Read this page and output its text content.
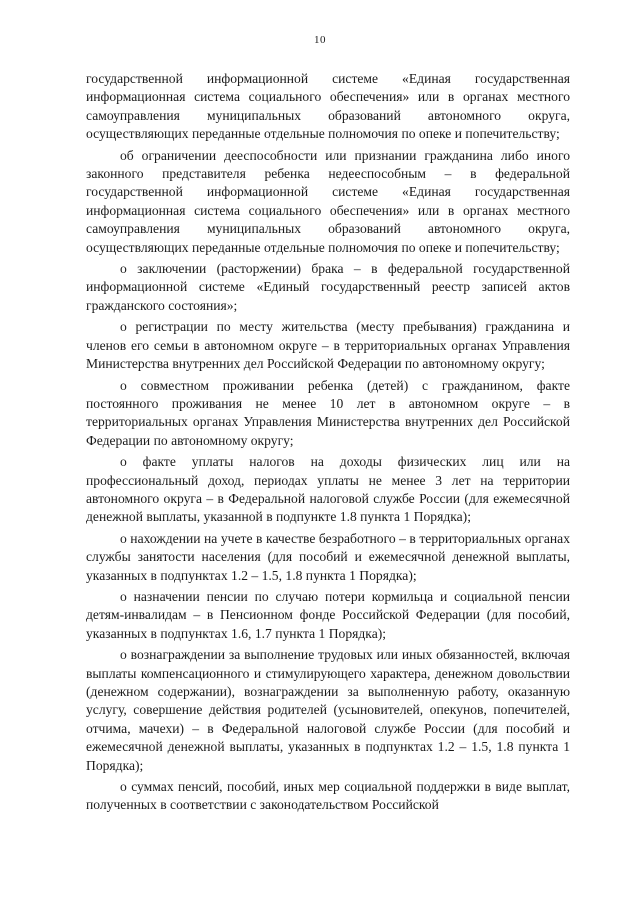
10

государственной информационной системе «Единая государственная информационная система социального обеспечения» или в органах местного самоуправления муниципальных образований автономного округа, осуществляющих переданные отдельные полномочия по опеке и попечительству;

об ограничении дееспособности или признании гражданина либо иного законного представителя ребенка недееспособным – в федеральной государственной информационной системе «Единая государственная информационная система социального обеспечения» или в органах местного самоуправления муниципальных образований автономного округа, осуществляющих переданные отдельные полномочия по опеке и попечительству;

о заключении (расторжении) брака – в федеральной государственной информационной системе «Единый государственный реестр записей актов гражданского состояния»;

о регистрации по месту жительства (месту пребывания) гражданина и членов его семьи в автономном округе – в территориальных органах Управления Министерства внутренних дел Российской Федерации по автономному округу;

о совместном проживании ребенка (детей) с гражданином, факте постоянного проживания не менее 10 лет в автономном округе – в территориальных органах Управления Министерства внутренних дел Российской Федерации по автономному округу;

о факте уплаты налогов на доходы физических лиц или на профессиональный доход, периодах уплаты не менее 3 лет на территории автономного округа – в Федеральной налоговой службе России (для ежемесячной денежной выплаты, указанной в подпункте 1.8 пункта 1 Порядка);

о нахождении на учете в качестве безработного – в территориальных органах службы занятости населения (для пособий и ежемесячной денежной выплаты, указанных в подпунктах 1.2 – 1.5, 1.8 пункта 1 Порядка);

о назначении пенсии по случаю потери кормильца и социальной пенсии детям-инвалидам – в Пенсионном фонде Российской Федерации (для пособий, указанных в подпунктах 1.6, 1.7 пункта 1 Порядка);

о вознаграждении за выполнение трудовых или иных обязанностей, включая выплаты компенсационного и стимулирующего характера, денежном довольствии (денежном содержании), вознаграждении за выполненную работу, оказанную услугу, совершение действия родителей (усыновителей, опекунов, попечителей, отчима, мачехи) – в Федеральной налоговой службе России (для пособий и ежемесячной денежной выплаты, указанных в подпунктах 1.2 – 1.5, 1.8 пункта 1 Порядка);

о суммах пенсий, пособий, иных мер социальной поддержки в виде выплат, полученных в соответствии с законодательством Российской
